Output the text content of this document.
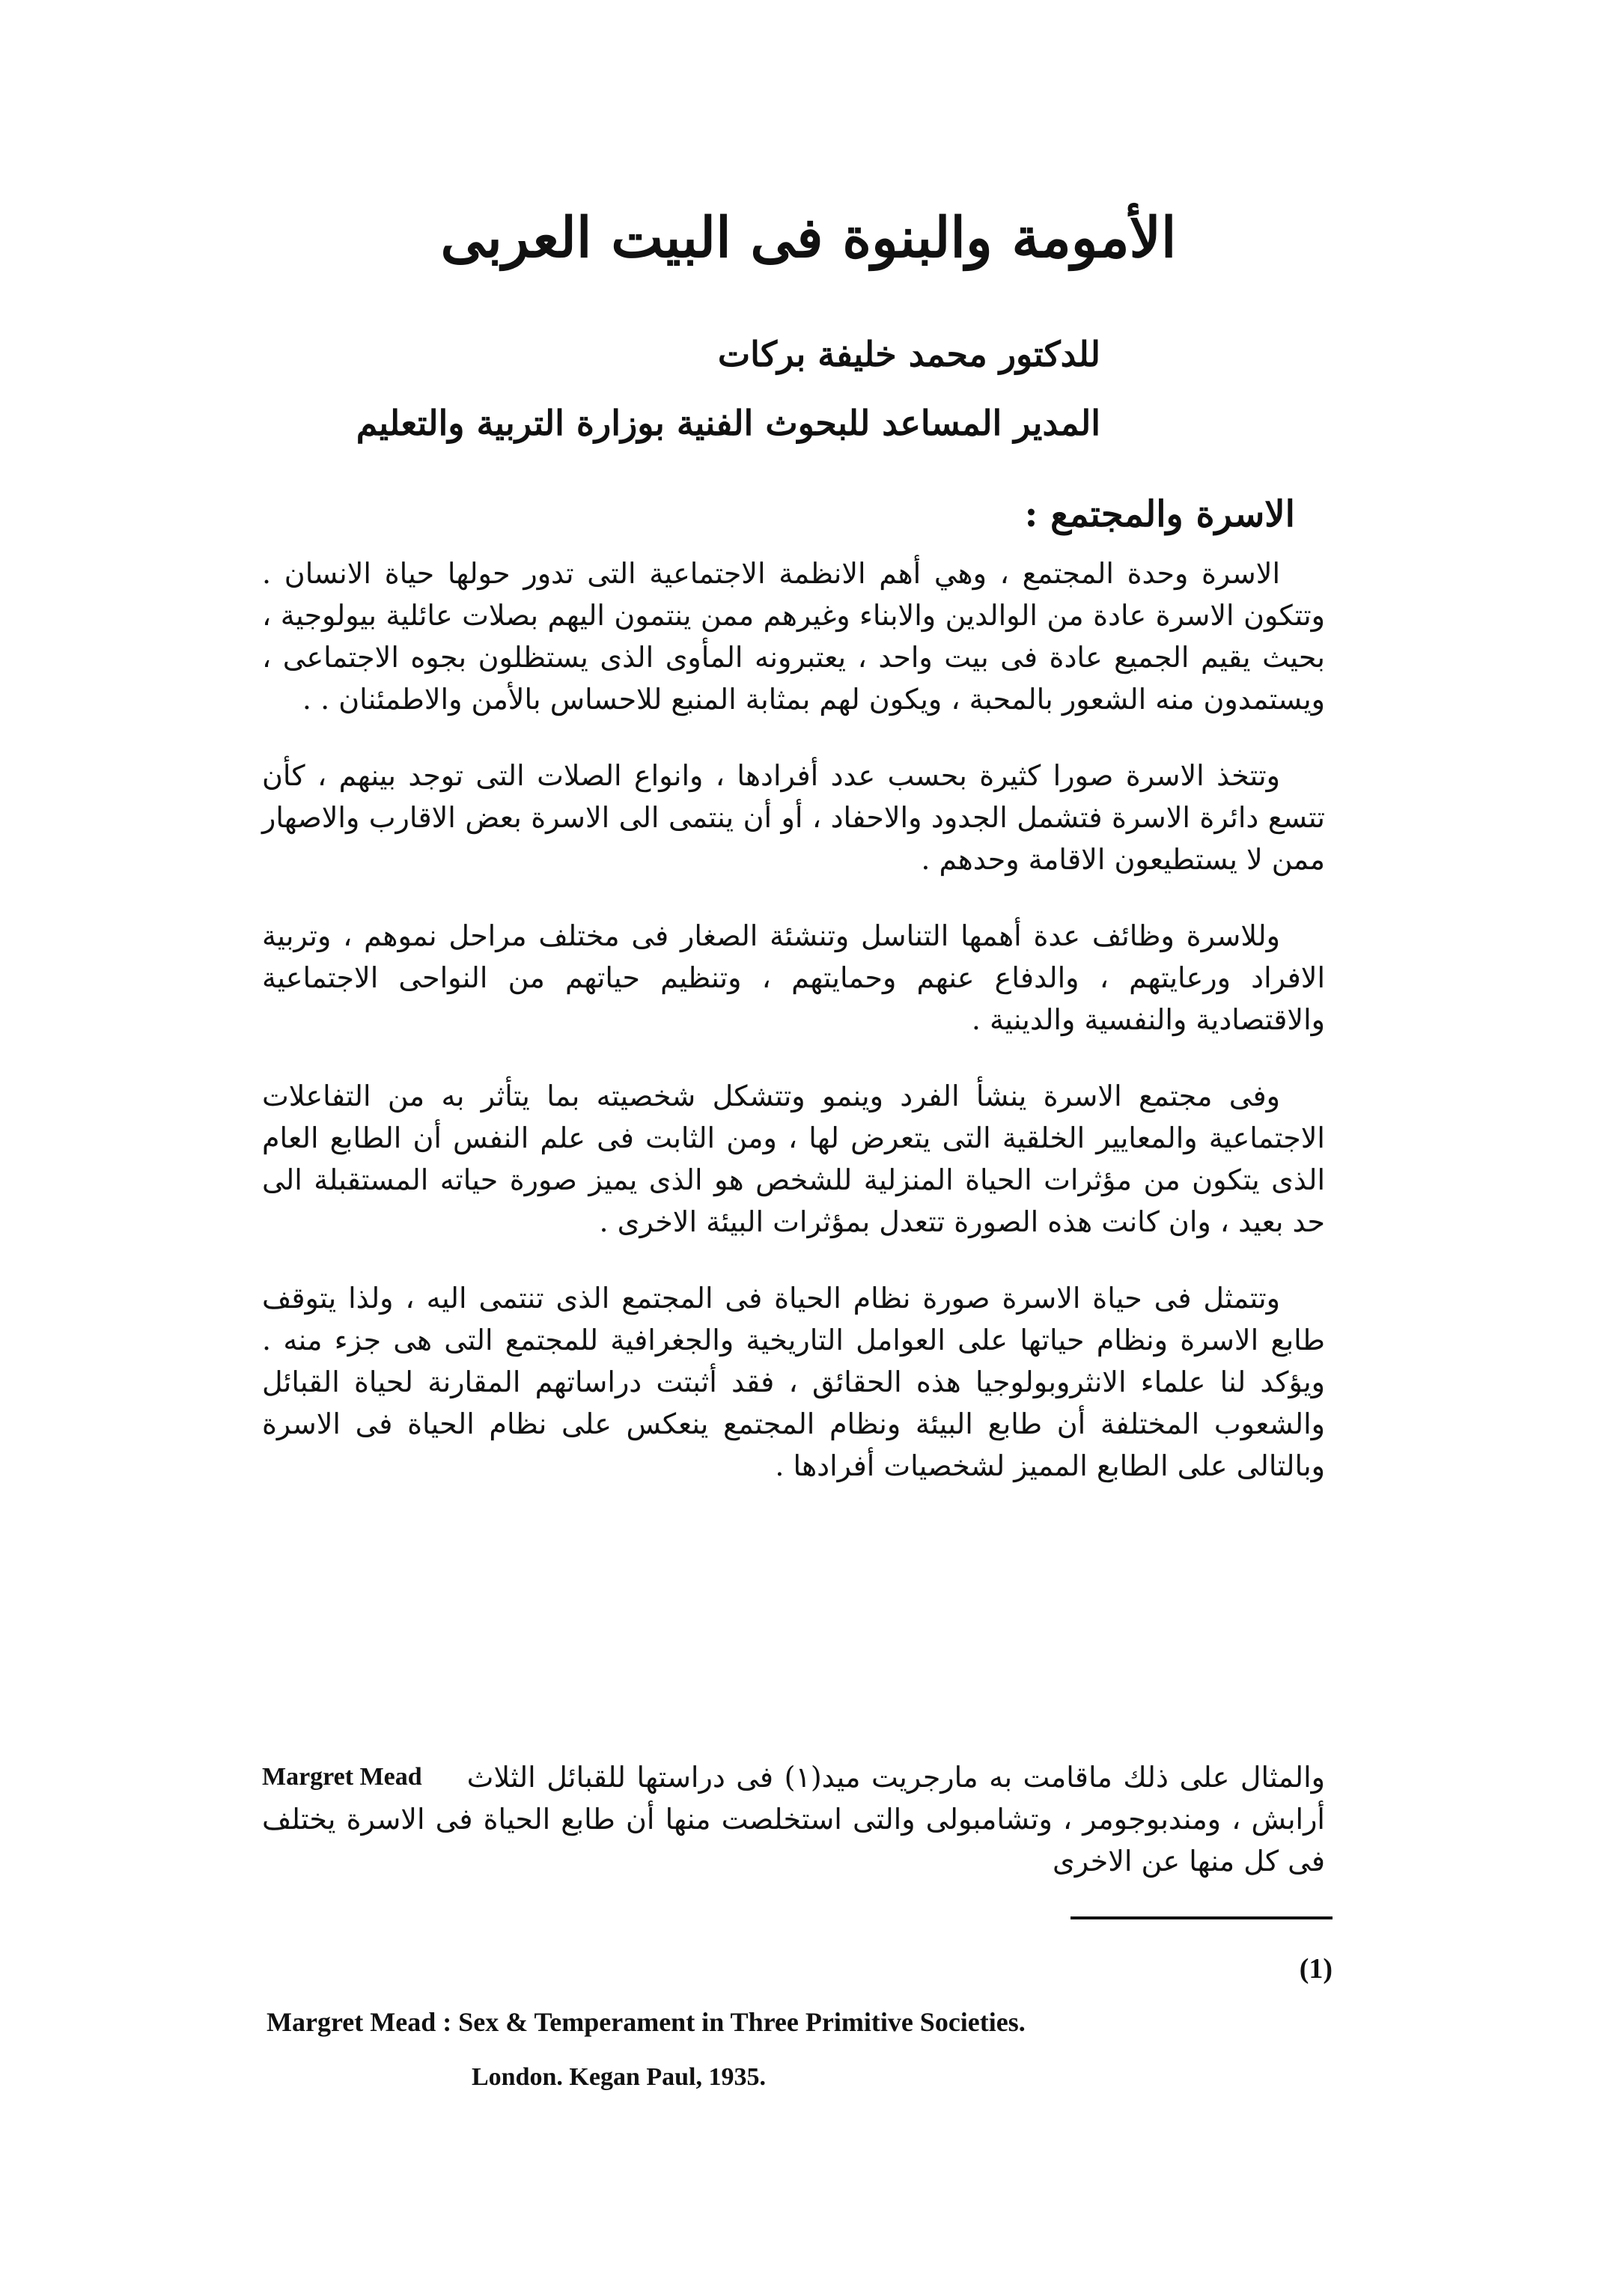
الأمومة والبنوة فى البيت العربى
للدكتور محمد خليفة بركات
المدير المساعد للبحوث الفنية بوزارة التربية والتعليم
الاسرة والمجتمع :

الاسرة وحدة المجتمع ، وهي أهم الانظمة الاجتماعية التى تدور حولها حياة الانسان . وتتكون الاسرة عادة من الوالدين والابناء وغيرهم ممن ينتمون اليهم بصلات عائلية بيولوجية ، بحيث يقيم الجميع عادة فى بيت واحد ، يعتبرونه المأوى الذى يستظلون بجوه الاجتماعى ، ويستمدون منه الشعور بالمحبة ، ويكون لهم بمثابة المنبع للاحساس بالأمن والاطمئنان . .

وتتخذ الاسرة صورا كثيرة بحسب عدد أفرادها ، وانواع الصلات التى توجد بينهم ، كأن تتسع دائرة الاسرة فتشمل الجدود والاحفاد ، أو أن ينتمى الى الاسرة بعض الاقارب والاصهار ممن لا يستطيعون الاقامة وحدهم .

وللاسرة وظائف عدة أهمها التناسل وتنشئة الصغار فى مختلف مراحل نموهم ، وتربية الافراد ورعايتهم ، والدفاع عنهم وحمايتهم ، وتنظيم حياتهم من النواحى الاجتماعية والاقتصادية والنفسية والدينية .

وفى مجتمع الاسرة ينشأ الفرد وينمو وتتشكل شخصيته بما يتأثر به من التفاعلات الاجتماعية والمعايير الخلقية التى يتعرض لها ، ومن الثابت فى علم النفس أن الطابع العام الذى يتكون من مؤثرات الحياة المنزلية للشخص هو الذى يميز صورة حياته المستقبلة الى حد بعيد ، وان كانت هذه الصورة تتعدل بمؤثرات البيئة الاخرى .

وتتمثل فى حياة الاسرة صورة نظام الحياة فى المجتمع الذى تنتمى اليه ، ولذا يتوقف طابع الاسرة ونظام حياتها على العوامل التاريخية والجغرافية للمجتمع التى هى جزء منه . ويؤكد لنا علماء الانثروبولوجيا هذه الحقائق ، فقد أثبتت دراساتهم المقارنة لحياة القبائل والشعوب المختلفة أن طابع البيئة ونظام المجتمع ينعكس على نظام الحياة فى الاسرة وبالتالى على الطابع المميز لشخصيات أفرادها .

Margret Mead والمثال على ذلك ماقامت به مارجريت ميد(١) فى دراستها للقبائل الثلاث أرابش ، ومندبوجومر ، وتشامبولى والتى استخلصت منها أن طابع الحياة فى الاسرة يختلف فى كل منها عن الاخرى
(1)
Margret Mead : Sex & Temperament in Three Primitive Societies.
London. Kegan Paul, 1935.
